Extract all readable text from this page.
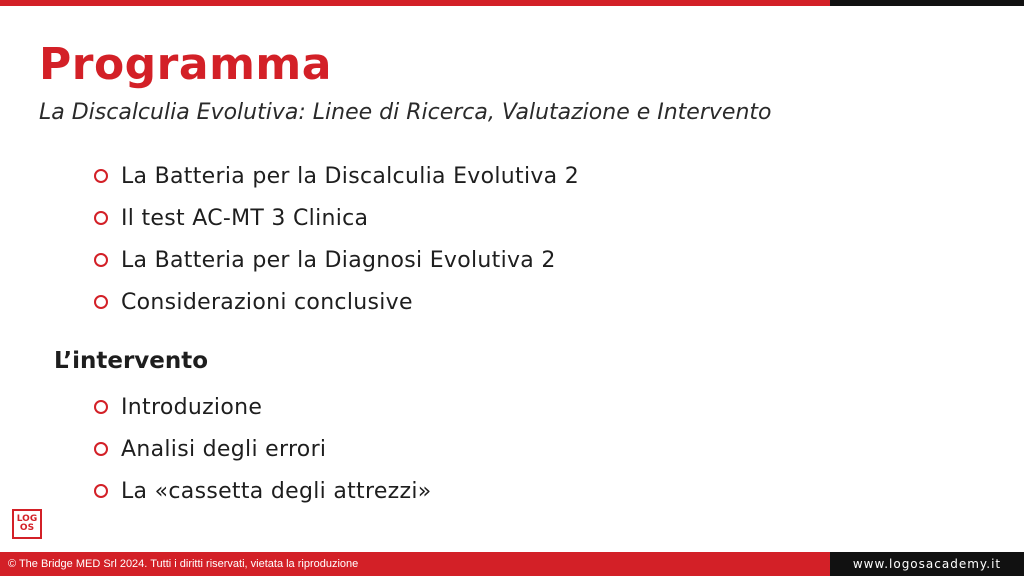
Programma
La Discalculia Evolutiva: Linee di Ricerca, Valutazione e Intervento
La Batteria per la Discalculia Evolutiva 2
Il test AC-MT 3 Clinica
La Batteria per la Diagnosi Evolutiva 2
Considerazioni conclusive
L’intervento
Introduzione
Analisi degli errori
La «cassetta degli attrezzi»
LOG
OS
© The Bridge MED Srl 2024. Tutti i diritti riservati, vietata la riproduzione	www.logosacademy.it
